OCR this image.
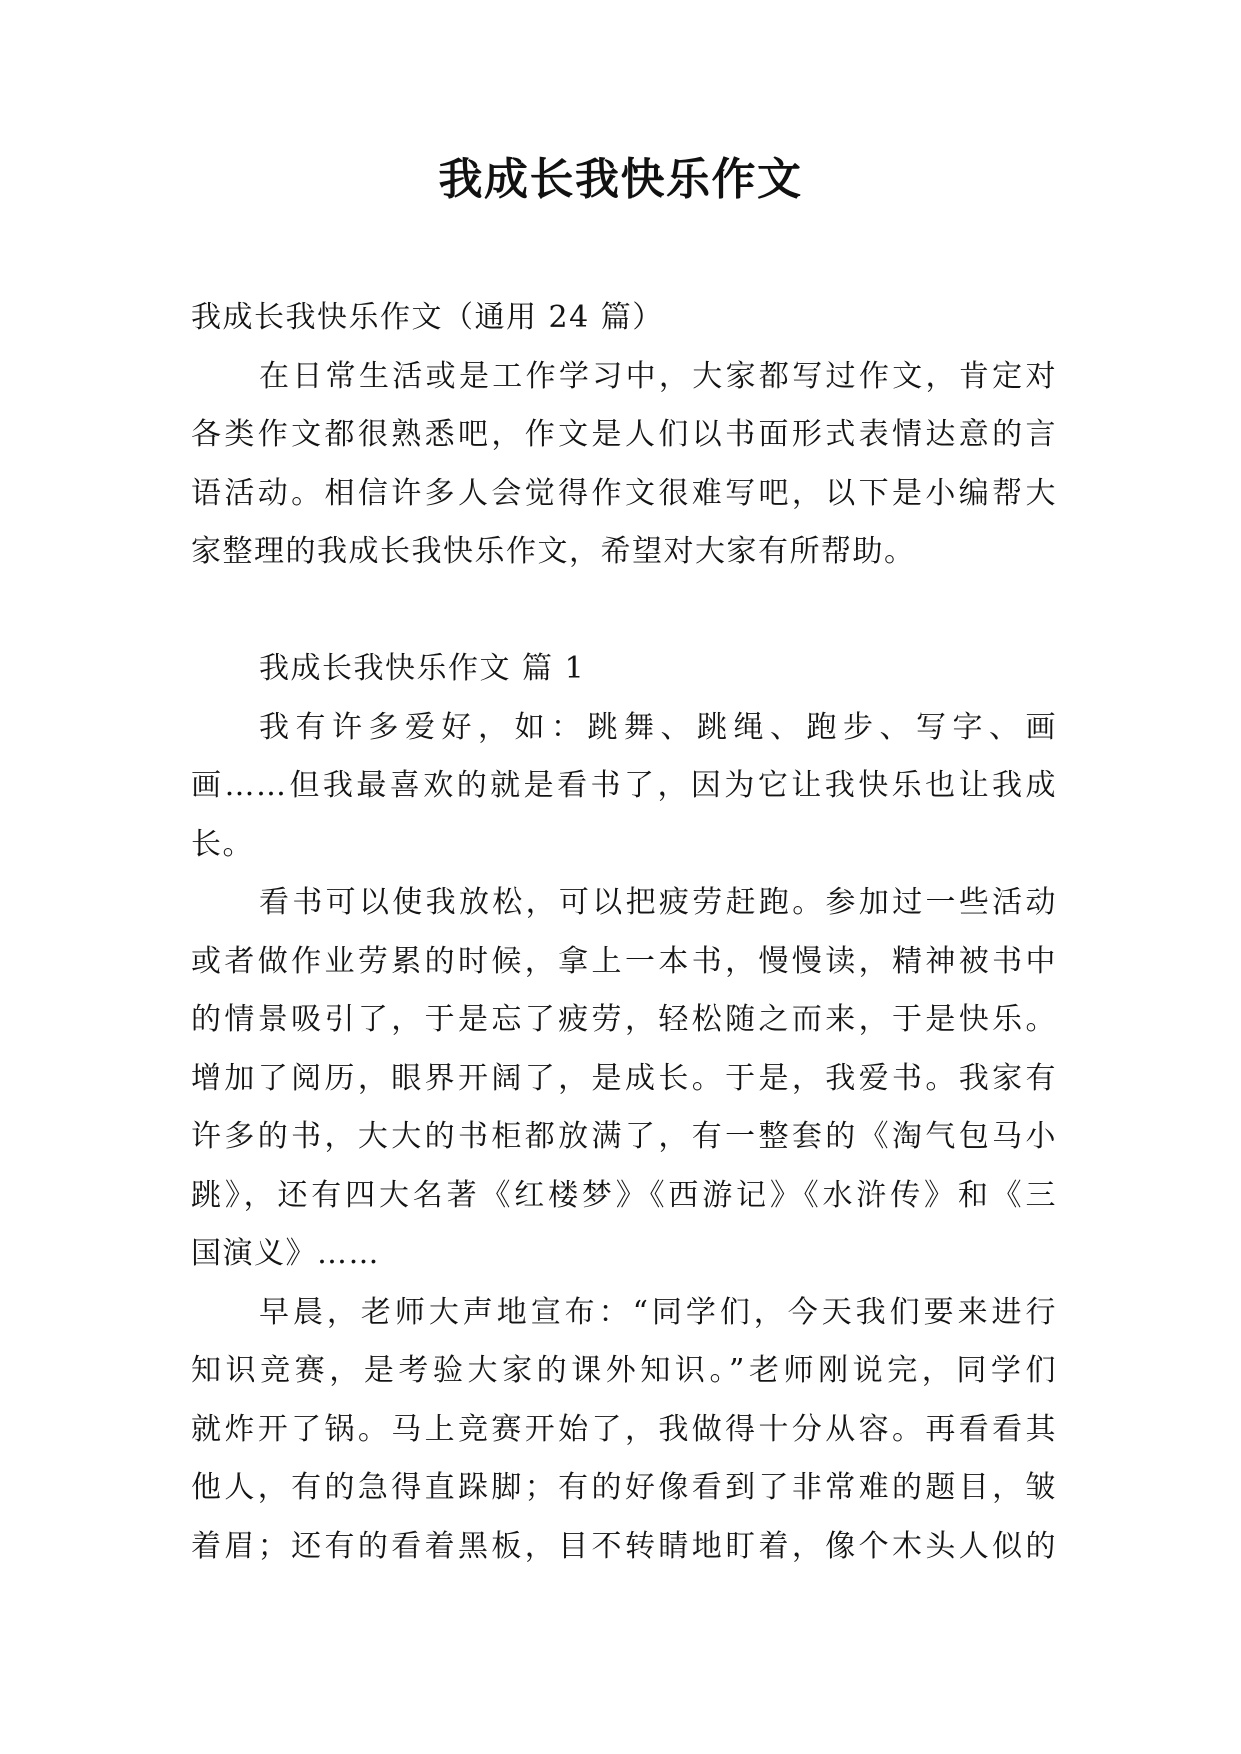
我成长我快乐作文
我成长我快乐作文（通用 24 篇）
在日常生活或是工作学习中，大家都写过作文，肯定对
各类作文都很熟悉吧，作文是人们以书面形式表情达意的言
语活动。相信许多人会觉得作文很难写吧，以下是小编帮大
家整理的我成长我快乐作文，希望对大家有所帮助。
我成长我快乐作文 篇 1
我有许多爱好，如：跳舞、跳绳、跑步、写字、画
画……但我最喜欢的就是看书了，因为它让我快乐也让我成
长。
看书可以使我放松，可以把疲劳赶跑。参加过一些活动
或者做作业劳累的时候，拿上一本书，慢慢读，精神被书中
的情景吸引了，于是忘了疲劳，轻松随之而来，于是快乐。
增加了阅历，眼界开阔了，是成长。于是，我爱书。我家有
许多的书，大大的书柜都放满了，有一整套的《淘气包马小
跳》，还有四大名著《红楼梦》《西游记》《水浒传》和《三
国演义》……
早晨，老师大声地宣布：“同学们，今天我们要来进行
知识竞赛，是考验大家的课外知识。”老师刚说完，同学们
就炸开了锅。马上竞赛开始了，我做得十分从容。再看看其
他人，有的急得直跺脚；有的好像看到了非常难的题目，皱
着眉；还有的看着黑板，目不转睛地盯着，像个木头人似的
